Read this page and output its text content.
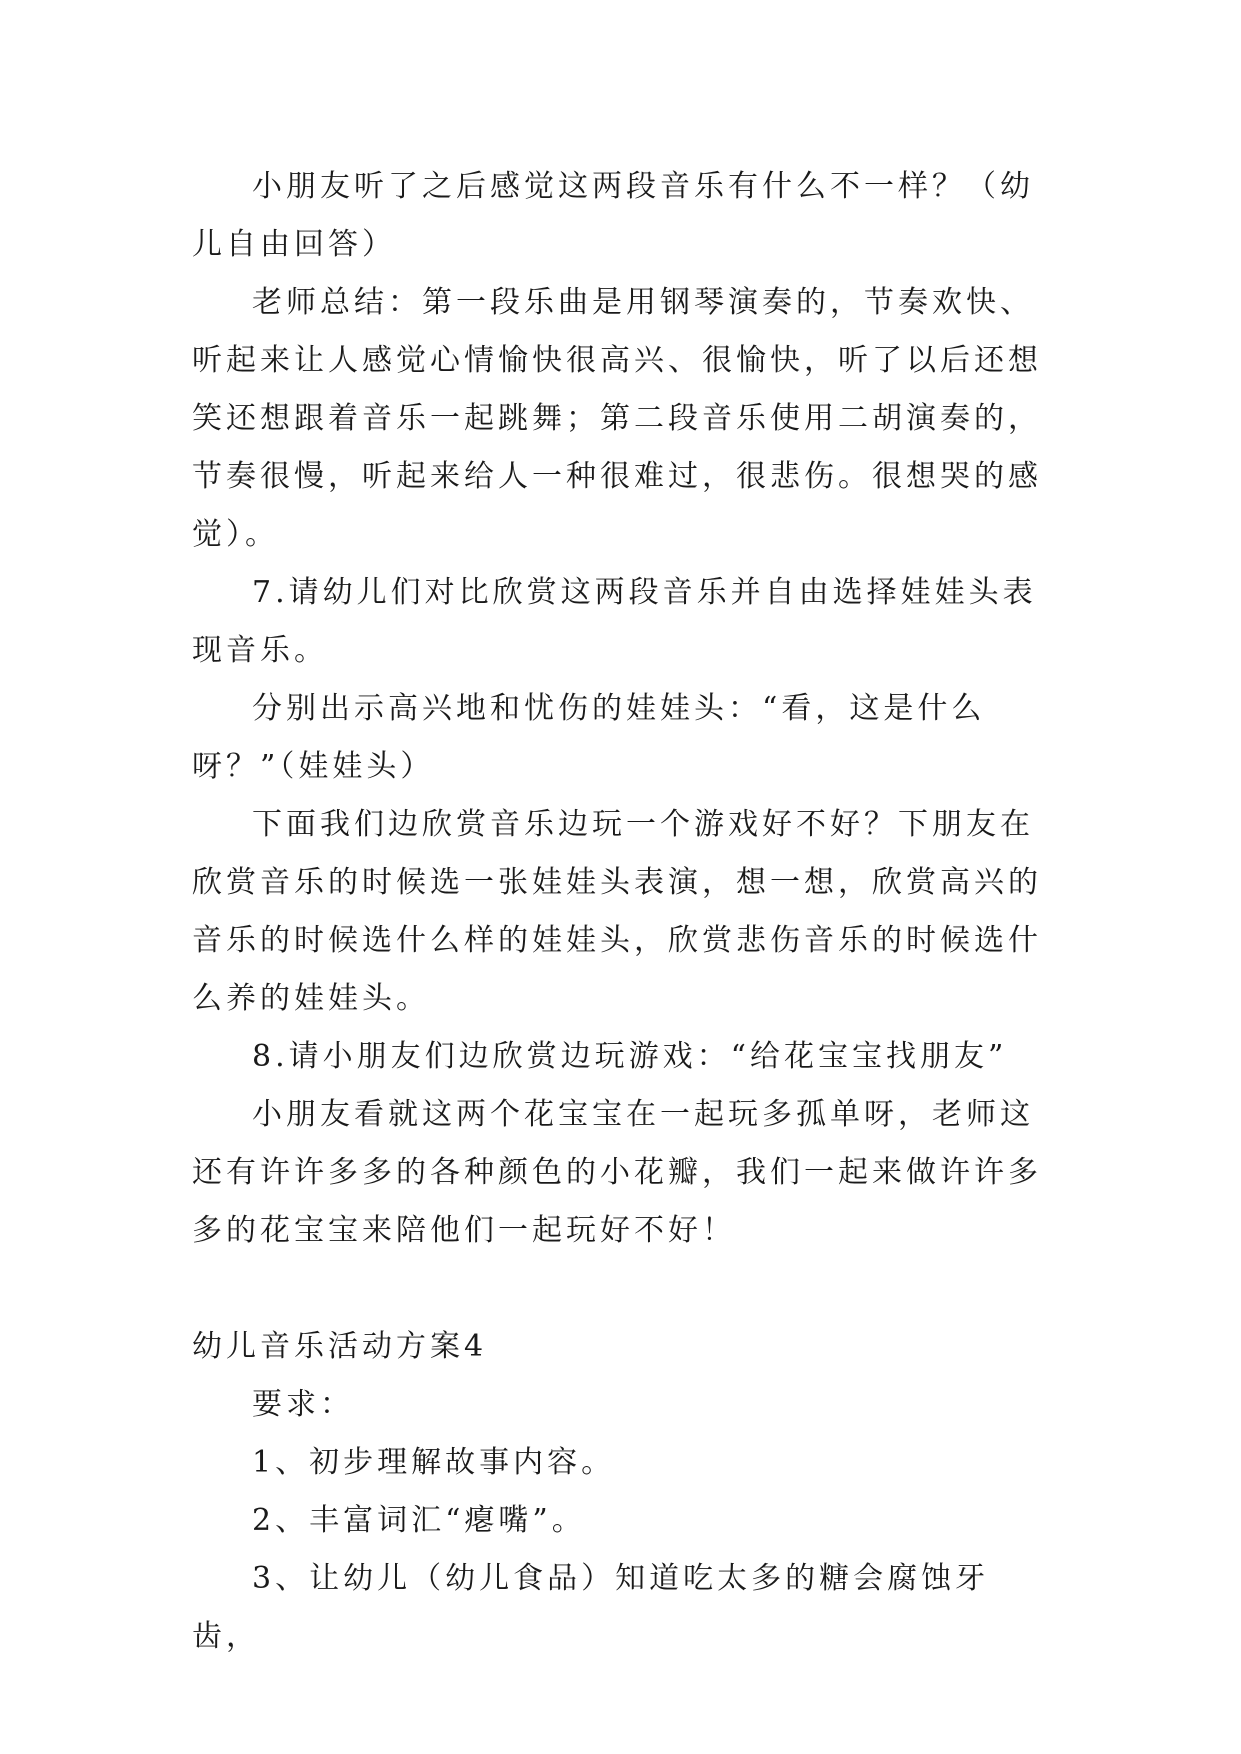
小朋友听了之后感觉这两段音乐有什么不一样？（幼儿自由回答）

老师总结：第一段乐曲是用钢琴演奏的，节奏欢快、听起来让人感觉心情愉快很高兴、很愉快，听了以后还想笑还想跟着音乐一起跳舞；第二段音乐使用二胡演奏的，节奏很慢，听起来给人一种很难过，很悲伤。很想哭的感觉）。

7.请幼儿们对比欣赏这两段音乐并自由选择娃娃头表现音乐。

分别出示高兴地和忧伤的娃娃头：“看，这是什么呀？”（娃娃头）

下面我们边欣赏音乐边玩一个游戏好不好？下朋友在欣赏音乐的时候选一张娃娃头表演，想一想，欣赏高兴的音乐的时候选什么样的娃娃头，欣赏悲伤音乐的时候选什么养的娃娃头。

8.请小朋友们边欣赏边玩游戏：“给花宝宝找朋友”

小朋友看就这两个花宝宝在一起玩多孤单呀，老师这还有许许多多的各种颜色的小花瓣，我们一起来做许许多多的花宝宝来陪他们一起玩好不好！

幼儿音乐活动方案4

要求：

1、初步理解故事内容。

2、丰富词汇“瘪嘴”。

3、让幼儿（幼儿食品）知道吃太多的糖会腐蚀牙齿，
